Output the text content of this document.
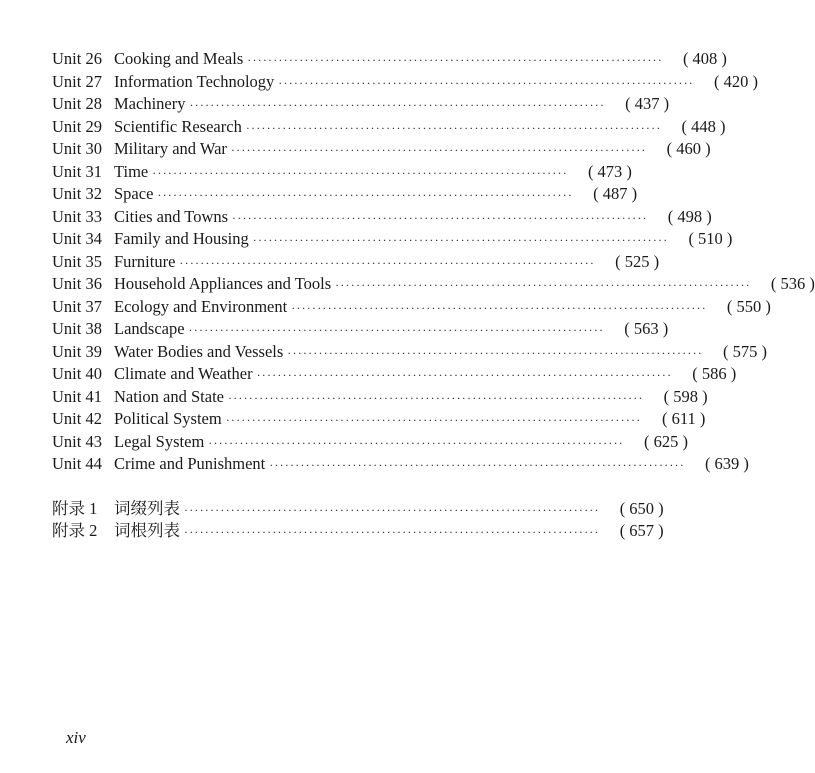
Unit 26 Cooking and Meals ················································································	( 408 )
Unit 27 Information Technology ················································································	( 420 )
Unit 28 Machinery ················································································	( 437 )
Unit 29 Scientific Research ················································································	( 448 )
Unit 30 Military and War ················································································	( 460 )
Unit 31 Time ················································································	( 473 )
Unit 32 Space ················································································	( 487 )
Unit 33 Cities and Towns ················································································	( 498 )
Unit 34 Family and Housing ················································································	( 510 )
Unit 35 Furniture ················································································	( 525 )
Unit 36 Household Appliances and Tools ················································································	( 536 )
Unit 37 Ecology and Environment ················································································	( 550 )
Unit 38 Landscape ················································································	( 563 )
Unit 39 Water Bodies and Vessels ················································································	( 575 )
Unit 40 Climate and Weather ················································································	( 586 )
Unit 41 Nation and State ················································································	( 598 )
Unit 42 Political System ················································································	( 611 )
Unit 43 Legal System ················································································	( 625 )
Unit 44 Crime and Punishment ················································································	( 639 )
附录 1	词缀列表 ················································································	( 650 )
附录 2	词根列表 ················································································	( 657 )
xiv
